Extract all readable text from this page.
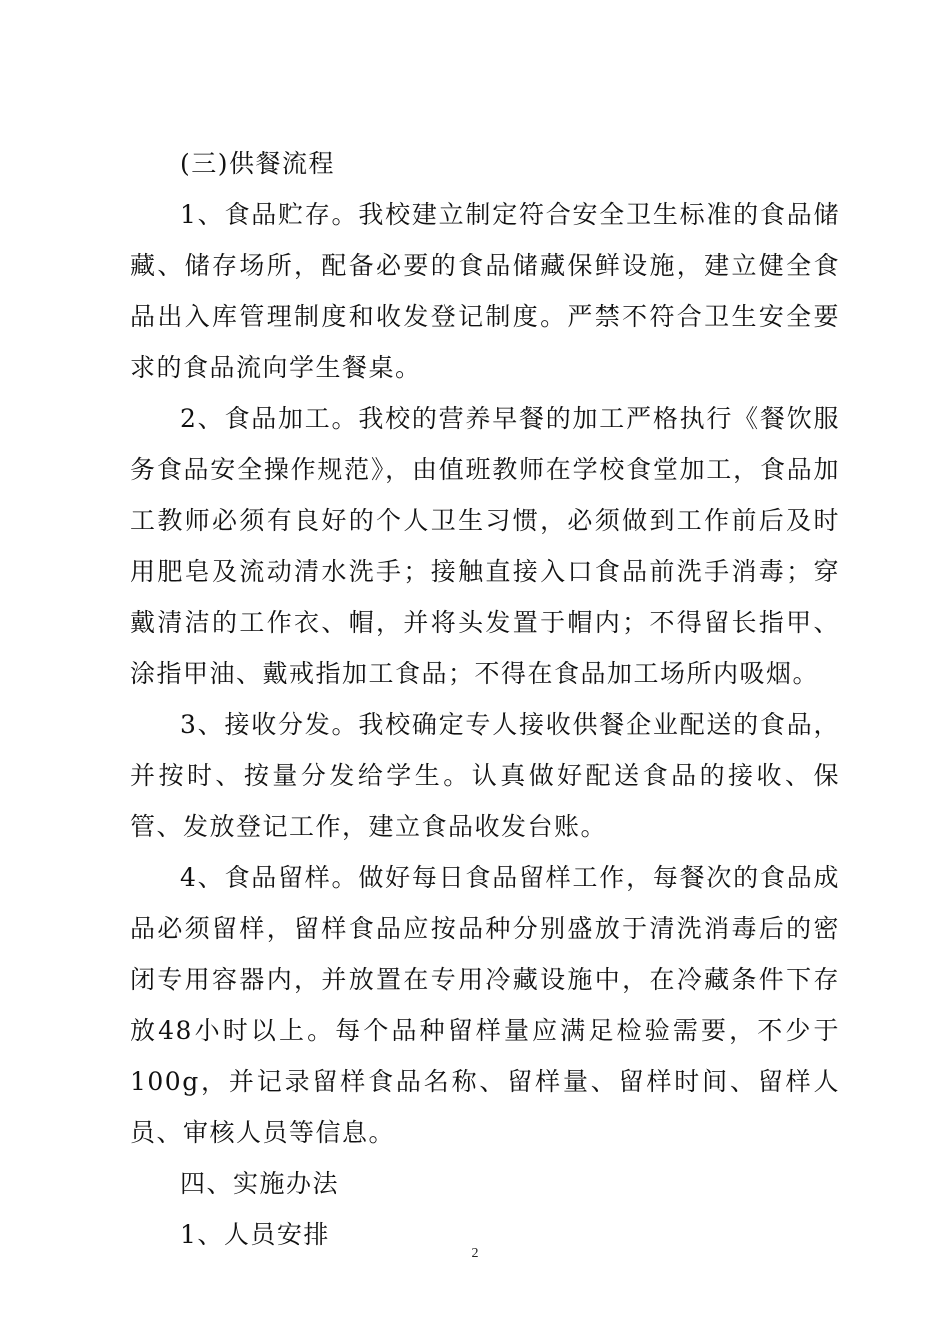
(三)供餐流程

1、食品贮存。我校建立制定符合安全卫生标准的食品储藏、储存场所，配备必要的食品储藏保鲜设施，建立健全食品出入库管理制度和收发登记制度。严禁不符合卫生安全要求的食品流向学生餐桌。

2、食品加工。我校的营养早餐的加工严格执行《餐饮服务食品安全操作规范》，由值班教师在学校食堂加工，食品加工教师必须有良好的个人卫生习惯，必须做到工作前后及时用肥皂及流动清水洗手；接触直接入口食品前洗手消毒；穿戴清洁的工作衣、帽，并将头发置于帽内；不得留长指甲、涂指甲油、戴戒指加工食品；不得在食品加工场所内吸烟。

3、接收分发。我校确定专人接收供餐企业配送的食品，并按时、按量分发给学生。认真做好配送食品的接收、保管、发放登记工作，建立食品收发台账。

4、食品留样。做好每日食品留样工作，每餐次的食品成品必须留样，留样食品应按品种分别盛放于清洗消毒后的密闭专用容器内，并放置在专用冷藏设施中，在冷藏条件下存放48小时以上。每个品种留样量应满足检验需要，不少于100g，并记录留样食品名称、留样量、留样时间、留样人员、审核人员等信息。

四、实施办法

1、人员安排

2
